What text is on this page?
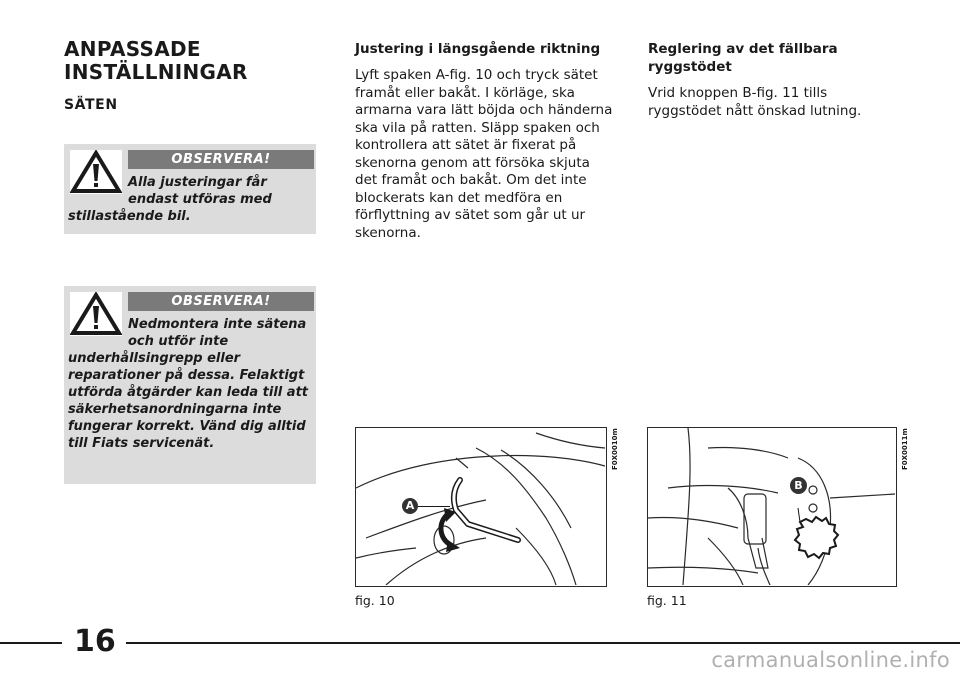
ANPASSADE
INSTÄLLNINGAR
SÄTEN
OBSERVERA!

Alla justeringar får endast utföras med stillastående bil.

OBSERVERA!

Nedmontera inte sätena och utför inte underhållsingrepp eller reparationer på dessa. Felaktigt utförda åtgärder kan leda till att säkerhetsanordningarna inte fungerar korrekt. Vänd dig alltid till Fiats servicenät.

Justering i längsgående riktning

Lyft spaken A-fig. 10 och tryck sätet framåt eller bakåt. I körläge, ska armarna vara lätt böjda och händerna ska vila på ratten. Släpp spaken och kontrollera att sätet är fixerat på skenorna genom att försöka skjuta det framåt och bakåt. Om det inte blockerats kan det medföra en förflyttning av sätet som går ut ur skenorna.

Reglering av det fällbara ryggstödet

Vrid knoppen B-fig. 11 tills ryggstödet nått önskad lutning.

A
F0X0010m
fig. 10
B
F0X0011m
fig. 11
16
carmanualsonline.info
